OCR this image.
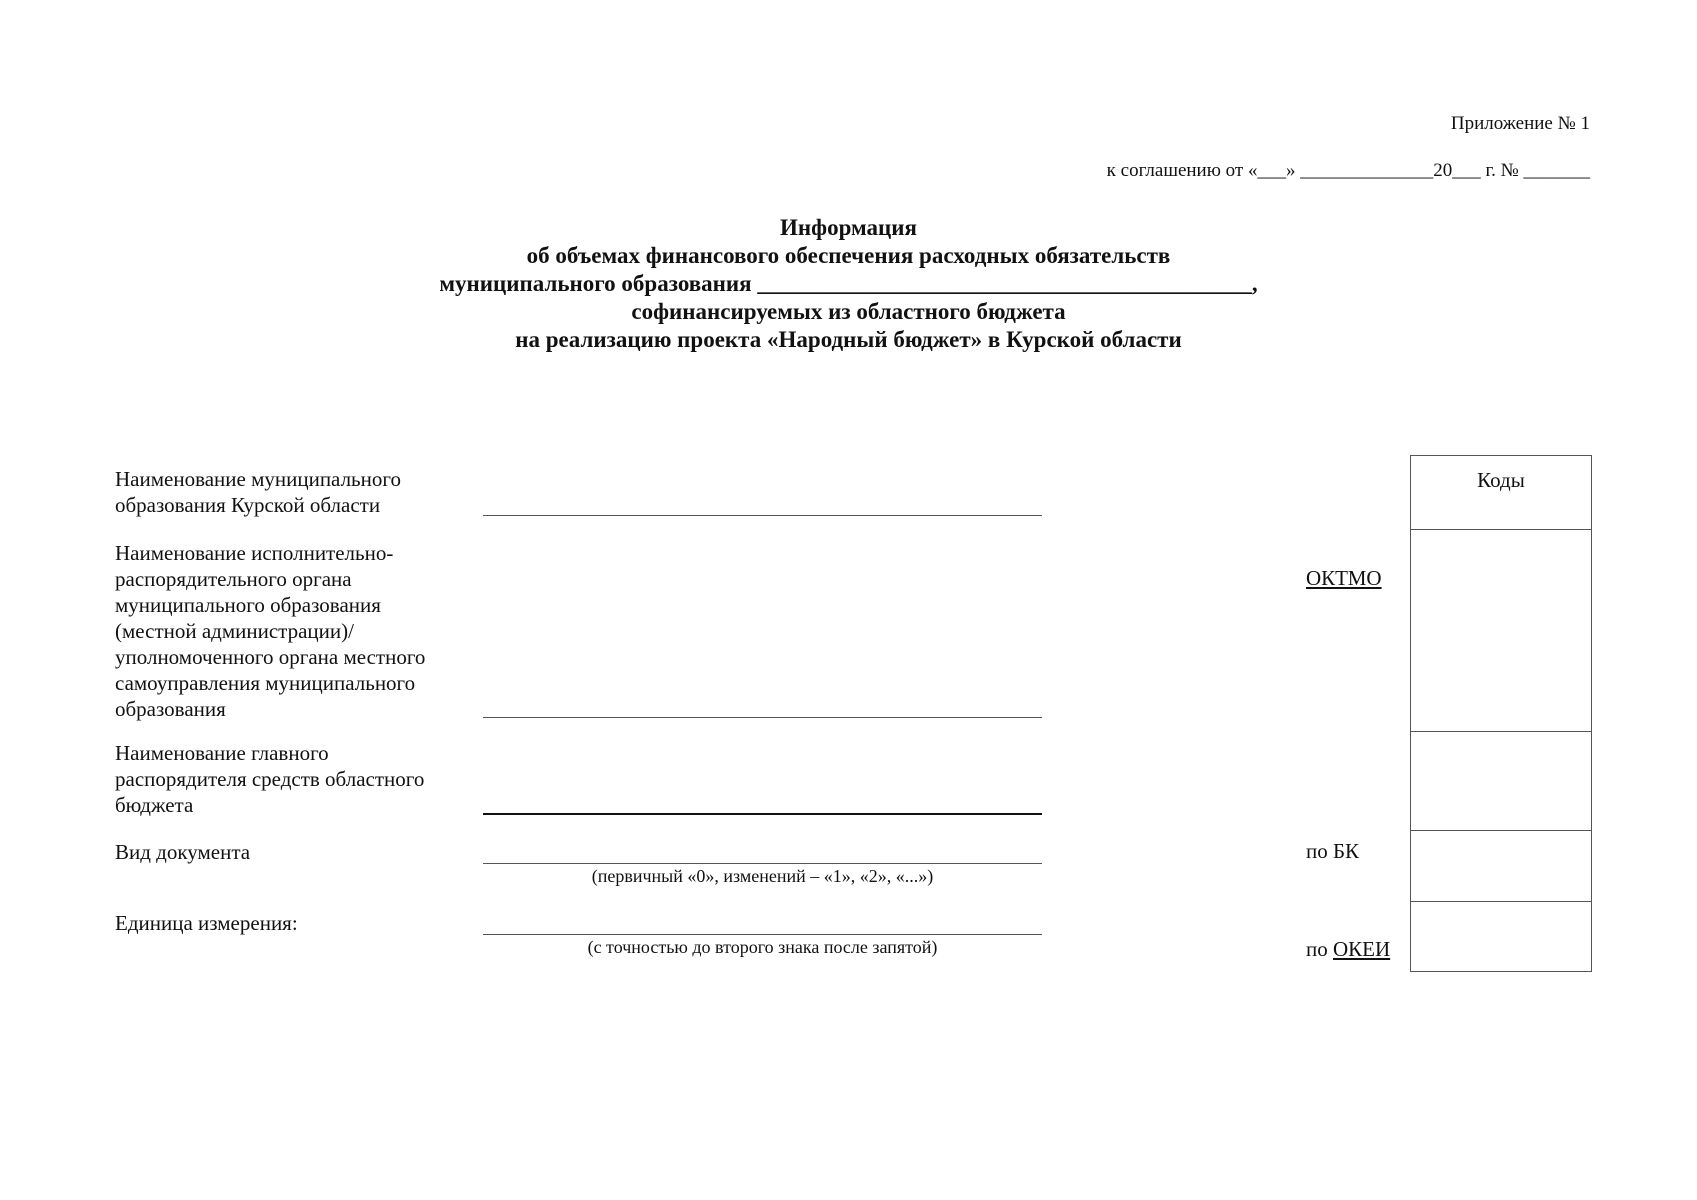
Приложение № 1
к соглашению от «___» ______________20___ г. № _______
Информация
об объемах финансового обеспечения расходных обязательств
муниципального образования ___________________________________________,
софинансируемых из областного бюджета
на реализацию проекта «Народный бюджет» в Курской области
Наименование муниципального
образования Курской области
Наименование исполнительно-
распорядительного органа
муниципального образования
(местной администрации)/
уполномоченного органа местного
самоуправления муниципального
образования
Наименование главного
распорядителя средств областного
бюджета
Вид документа
(первичный «0», изменений – «1», «2», «...»)
Единица измерения:
(с точностью до второго знака после запятой)
ОКТМО
по БК
по ОКЕИ
Коды
